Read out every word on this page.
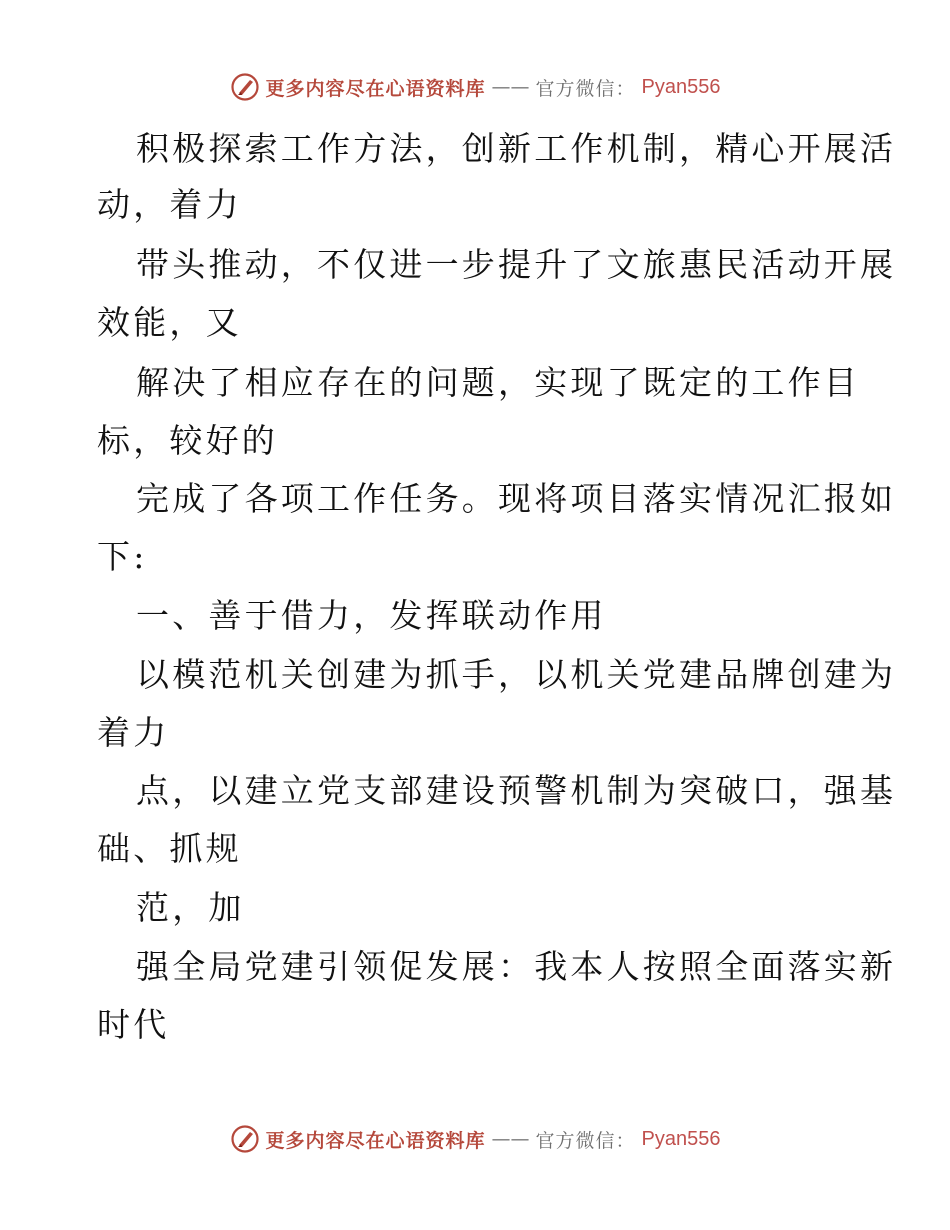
更多内容尽在心语资料库 —— 官方微信： Pyan556
积极探索工作方法，创新工作机制，精心开展活
动，着力
带头推动，不仅进一步提升了文旅惠民活动开展
效能，又
解决了相应存在的问题，实现了既定的工作目
标，较好的
完成了各项工作任务。现将项目落实情况汇报如
下:
一、善于借力，发挥联动作用
以模范机关创建为抓手，以机关党建品牌创建为
着力
点，以建立党支部建设预警机制为突破口，强基
础、抓规
范，加
强全局党建引领促发展：我本人按照全面落实新
时代
更多内容尽在心语资料库 —— 官方微信： Pyan556
